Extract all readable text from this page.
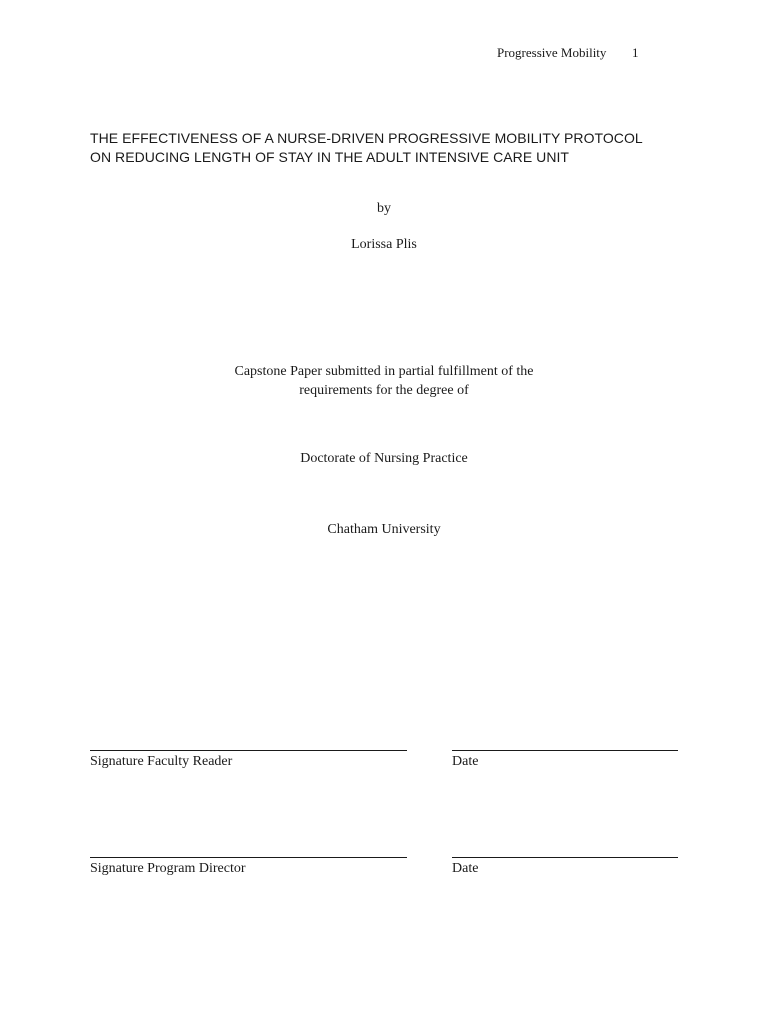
Progressive Mobility 1
THE EFFECTIVENESS OF A NURSE-DRIVEN PROGRESSIVE MOBILITY PROTOCOL
ON REDUCING LENGTH OF STAY IN THE ADULT INTENSIVE CARE UNIT
by
Lorissa Plis
Capstone Paper submitted in partial fulfillment of the
requirements for the degree of
Doctorate of Nursing Practice
Chatham University
Signature Faculty Reader	Date
Signature Program Director	Date
